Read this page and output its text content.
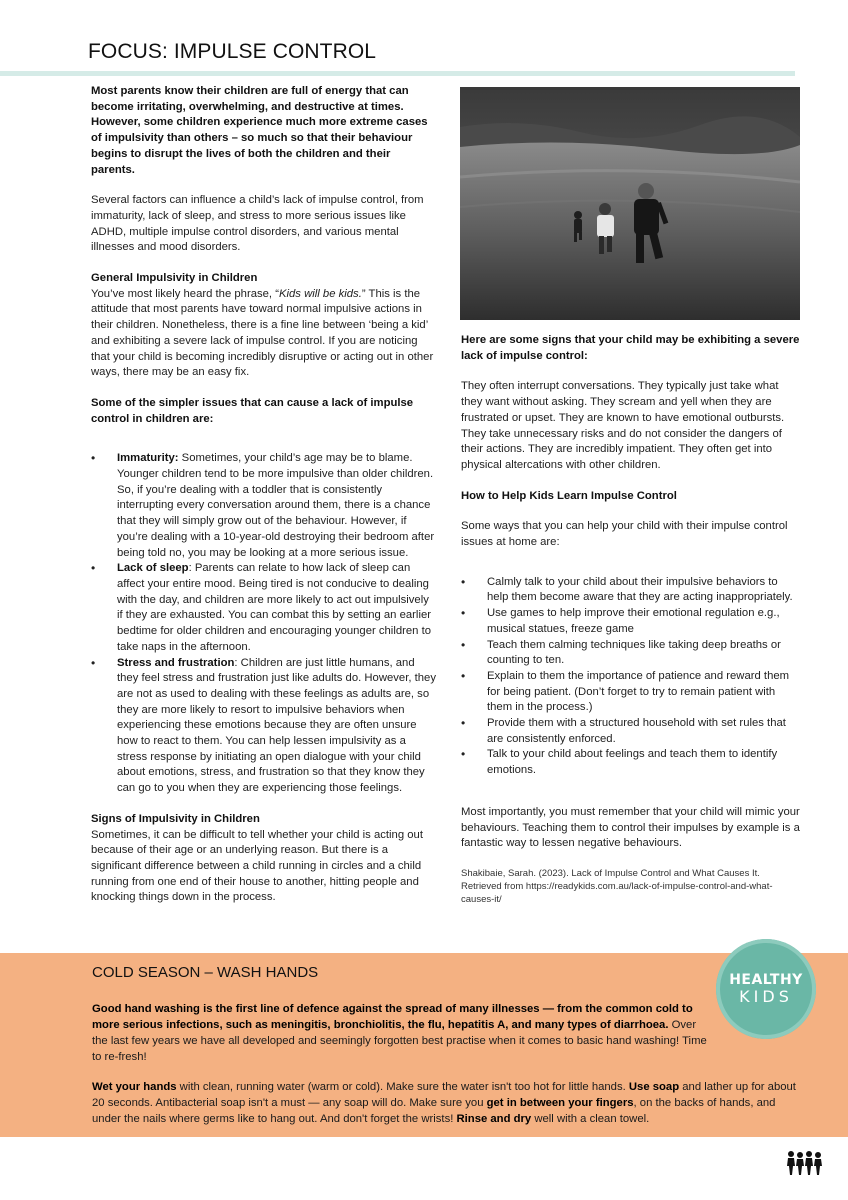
FOCUS: IMPULSE CONTROL

Most parents know their children are full of energy that can become irritating, overwhelming, and destructive at times. However, some children experience much more extreme cases of impulsivity than others – so much so that their behaviour begins to disrupt the lives of both the children and their parents.

Several factors can influence a child’s lack of impulse control, from immaturity, lack of sleep, and stress to more serious issues like ADHD, multiple impulse control disorders, and various mental illnesses and mood disorders.

General Impulsivity in Children

You’ve most likely heard the phrase, “Kids will be kids.” This is the attitude that most parents have toward normal impulsive actions in their children. Nonetheless, there is a fine line between ‘being a kid’ and exhibiting a severe lack of impulse control. If you are noticing that your child is becoming incredibly disruptive or acting out in other ways, there may be an easy fix.

Some of the simpler issues that can cause a lack of impulse control in children are:

• Immaturity: Sometimes, your child’s age may be to blame. Younger children tend to be more impulsive than older children. So, if you’re dealing with a toddler that is consistently interrupting every conversation around them, there is a chance that they will simply grow out of the behaviour. However, if you’re dealing with a 10-year-old destroying their bedroom after being told no, you may be looking at a more serious issue.
• Lack of sleep: Parents can relate to how lack of sleep can affect your entire mood. Being tired is not conducive to dealing with the day, and children are more likely to act out impulsively if they are exhausted. You can combat this by setting an earlier bedtime for older children and encouraging younger children to take naps in the afternoon.
• Stress and frustration: Children are just little humans, and they feel stress and frustration just like adults do. However, they are not as used to dealing with these feelings as adults are, so they are more likely to resort to impulsive behaviors when experiencing these emotions because they are often unsure how to react to them. You can help lessen impulsivity as a stress response by initiating an open dialogue with your child about emotions, stress, and frustration so that they know they can go to you when they are experiencing those feelings.

Signs of Impulsivity in Children

Sometimes, it can be difficult to tell whether your child is acting out because of their age or an underlying reason. But there is a significant difference between a child running in circles and a child running from one end of their house to another, hitting people and knocking things down in the process.

Here are some signs that your child may be exhibiting a severe lack of impulse control:

They often interrupt conversations. They typically just take what they want without asking. They scream and yell when they are frustrated or upset. They are known to have emotional outbursts. They take unnecessary risks and do not consider the dangers of their actions. They are incredibly impatient. They often get into physical altercations with other children.

How to Help Kids Learn Impulse Control

Some ways that you can help your child with their impulse control issues at home are:

• Calmly talk to your child about their impulsive behaviors to help them become aware that they are acting inappropriately.
• Use games to help improve their emotional regulation e.g., musical statues, freeze game
• Teach them calming techniques like taking deep breaths or counting to ten.
• Explain to them the importance of patience and reward them for being patient. (Don’t forget to try to remain patient with them in the process.)
• Provide them with a structured household with set rules that are consistently enforced.
• Talk to your child about feelings and teach them to identify emotions.

Most importantly, you must remember that your child will mimic your behaviours. Teaching them to control their impulses by example is a fantastic way to lessen negative behaviours.

Shakibaie, Sarah. (2023). Lack of Impulse Control and What Causes It. Retrieved from https://readykids.com.au/lack-of-impulse-control-and-what-causes-it/

COLD SEASON – WASH HANDS

Good hand washing is the first line of defence against the spread of many illnesses — from the common cold to more serious infections, such as meningitis, bronchiolitis, the flu, hepatitis A, and many types of diarrhoea. Over the last few years we have all developed and seemingly forgotten best practise when it comes to basic hand washing! Time to re-fresh!

Wet your hands with clean, running water (warm or cold). Make sure the water isn't too hot for little hands. Use soap and lather up for about 20 seconds. Antibacterial soap isn't a must — any soap will do. Make sure you get in between your fingers, on the backs of hands, and under the nails where germs like to hang out. And don't forget the wrists! Rinse and dry well with a clean towel.

HEALTHY
KIDS
